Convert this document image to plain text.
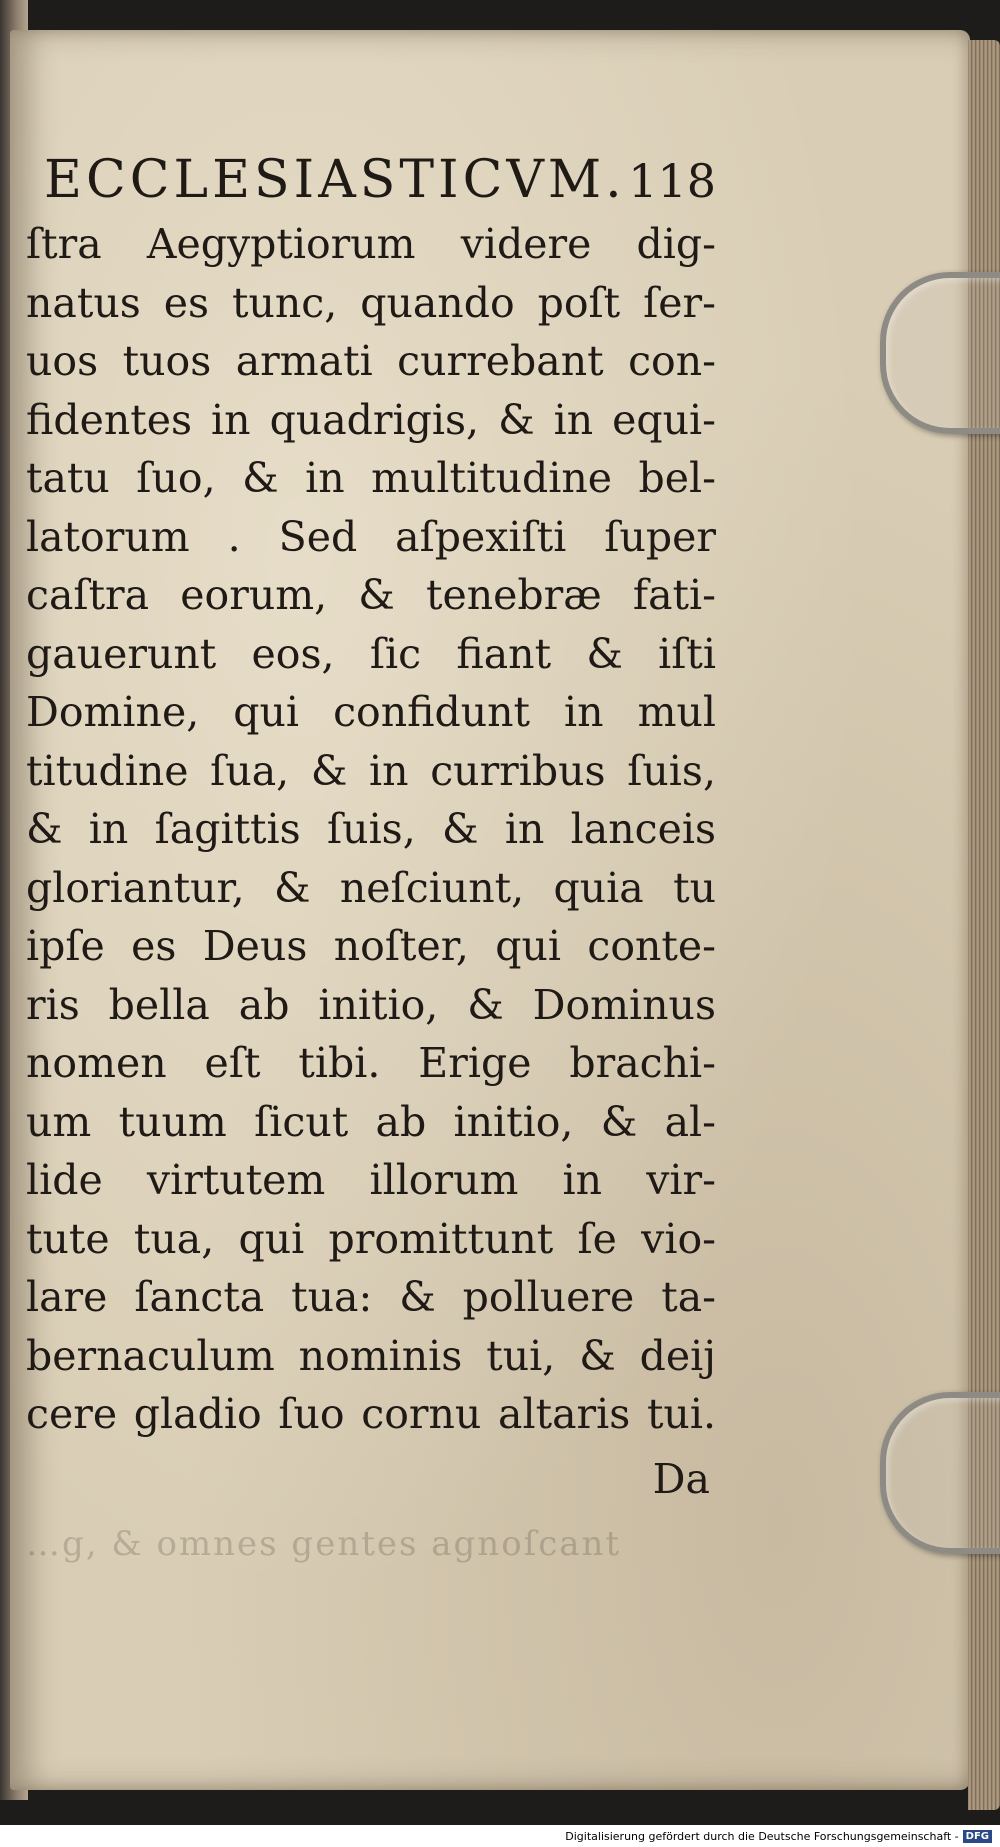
ECCLESIASTICVM. 118
ſtra Aegyptiorum videre dig-
natus es tunc, quando poſt ſer-
uos tuos armati currebant con-
fidentes in quadrigis, & in equi-
tatu ſuo, & in multitudine bel-
latorum . Sed aſpexiſti ſuper
caſtra eorum, & tenebræ fati-
gauerunt eos, ſic fiant & iſti
Domine, qui confidunt in mul
titudine ſua, & in curribus ſuis,
& in ſagittis ſuis, & in lanceis
gloriantur, & neſciunt, quia tu
ipſe es Deus noſter, qui conte-
ris bella ab initio, & Dominus
nomen eſt tibi. Erige brachi-
um tuum ſicut ab initio, & al-
lide virtutem illorum in vir-
tute tua, qui promittunt ſe vio-
lare ſancta tua: & polluere ta-
bernaculum nominis tui, & deij
cere gladio ſuo cornu altaris tui.
Da
…g, & omnes gentes agnoſcant
Digitalisierung gefördert durch die Deutsche Forschungsgemeinschaft - DFG
